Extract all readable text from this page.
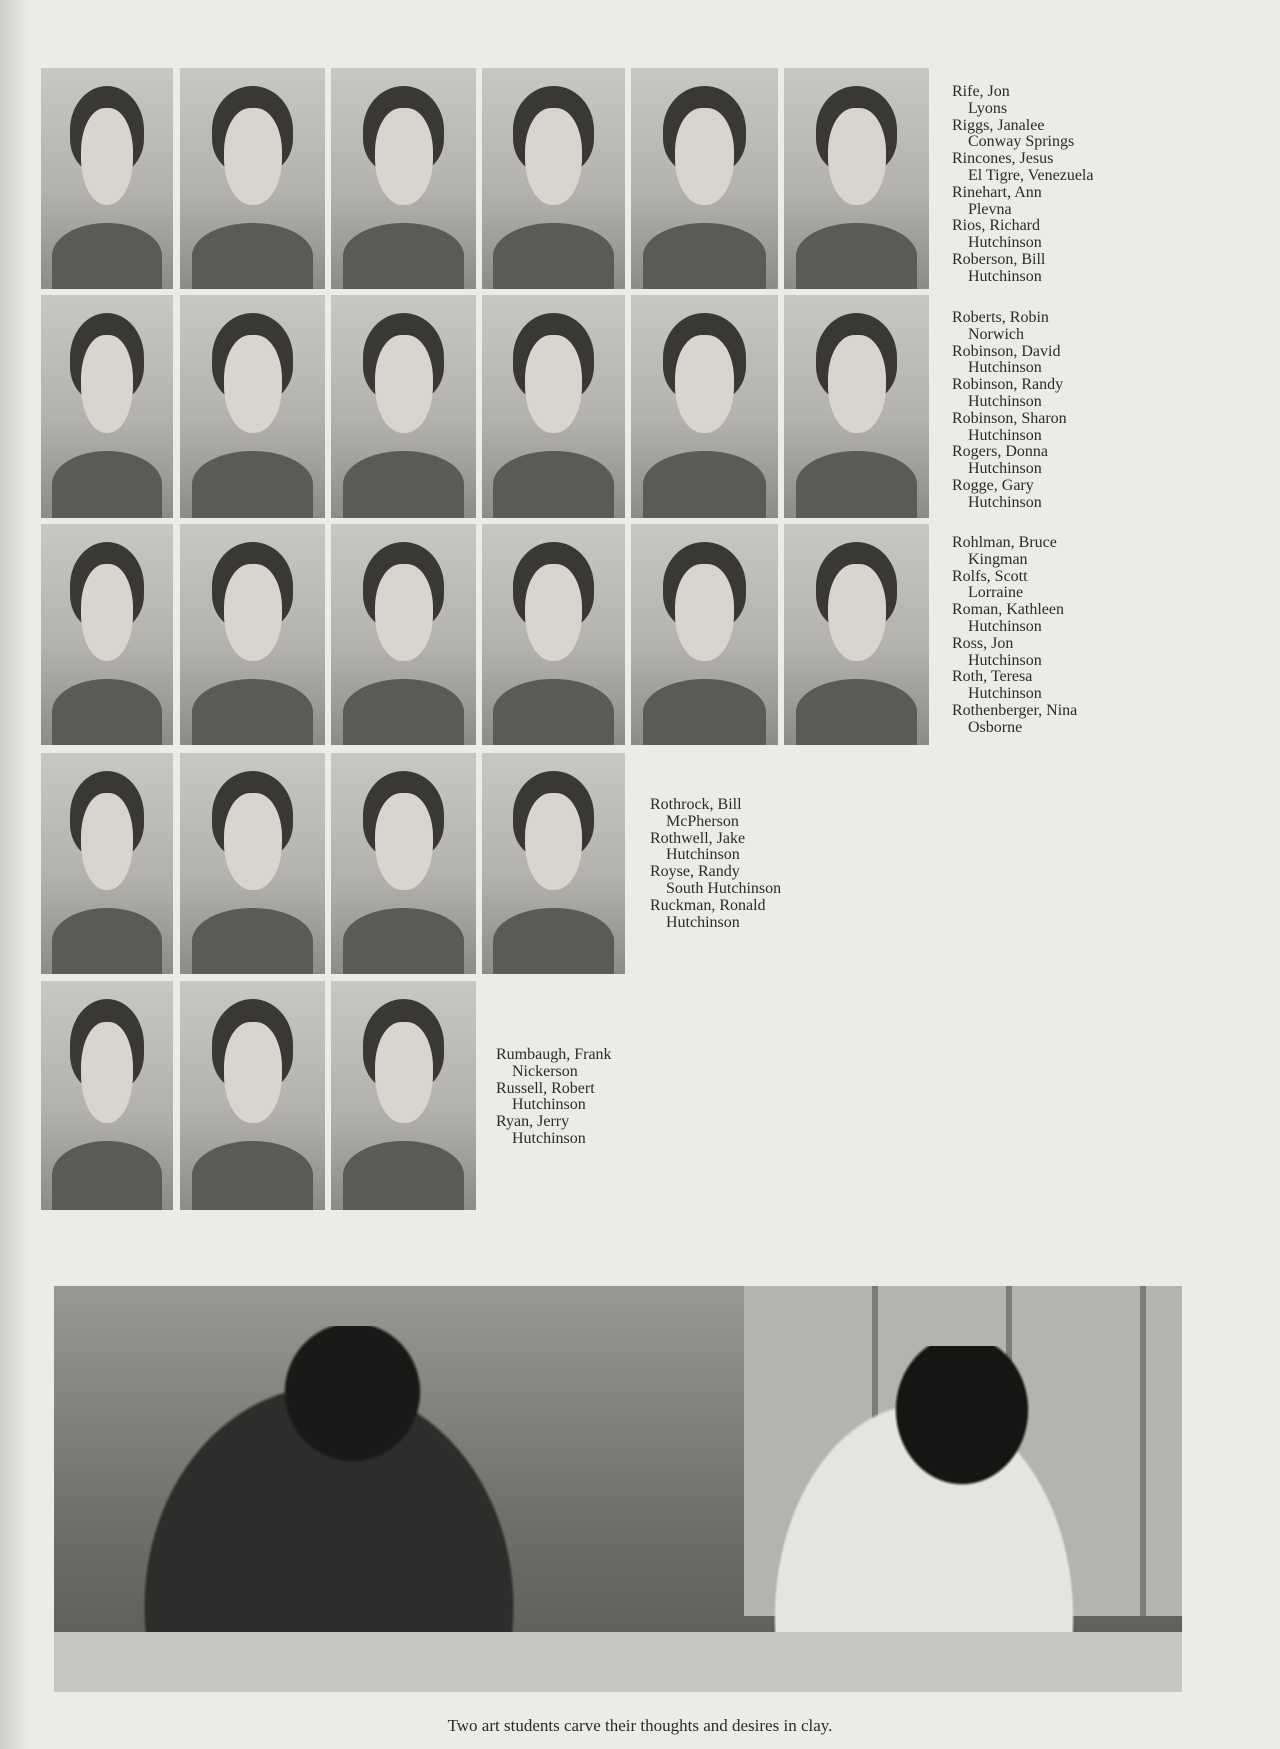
Rife, Jon
Lyons
Riggs, Janalee
Conway Springs
Rincones, Jesus
El Tigre, Venezuela
Rinehart, Ann
Plevna
Rios, Richard
Hutchinson
Roberson, Bill
Hutchinson
Roberts, Robin
Norwich
Robinson, David
Hutchinson
Robinson, Randy
Hutchinson
Robinson, Sharon
Hutchinson
Rogers, Donna
Hutchinson
Rogge, Gary
Hutchinson
Rohlman, Bruce
Kingman
Rolfs, Scott
Lorraine
Roman, Kathleen
Hutchinson
Ross, Jon
Hutchinson
Roth, Teresa
Hutchinson
Rothenberger, Nina
Osborne
Rothrock, Bill
McPherson
Rothwell, Jake
Hutchinson
Royse, Randy
South Hutchinson
Ruckman, Ronald
Hutchinson
Rumbaugh, Frank
Nickerson
Russell, Robert
Hutchinson
Ryan, Jerry
Hutchinson
Two art students carve their thoughts and desires in clay.
